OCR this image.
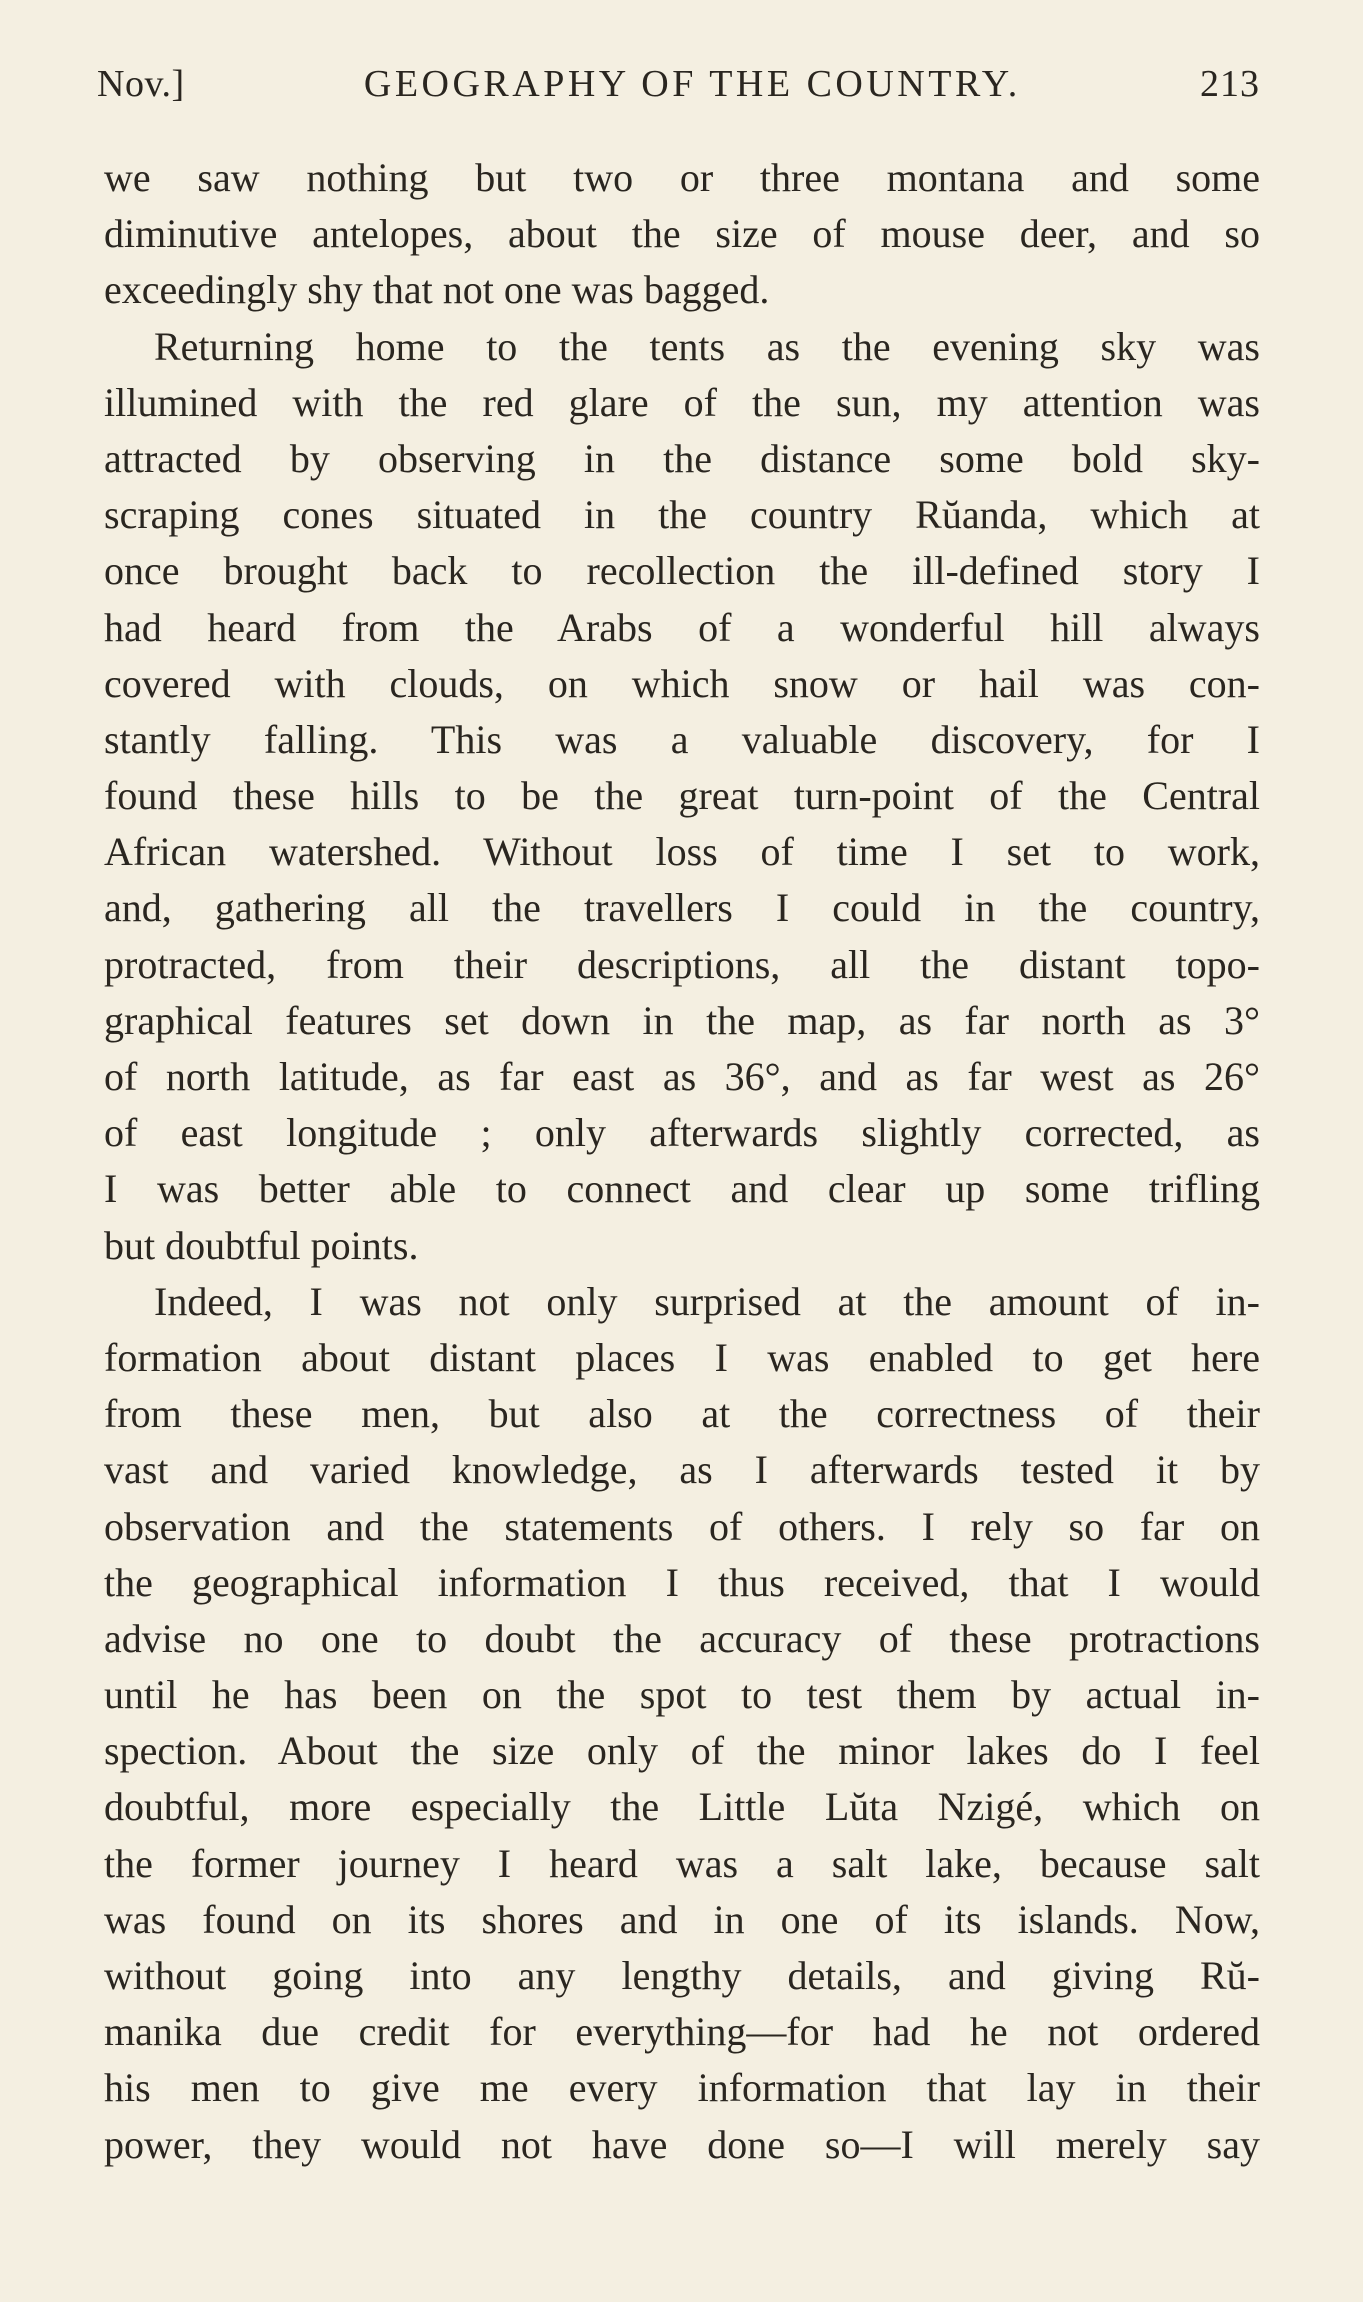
Nov.]	GEOGRAPHY OF THE COUNTRY.	213
we saw nothing but two or three montana and some
diminutive antelopes, about the size of mouse deer, and so
exceedingly shy that not one was bagged.
Returning home to the tents as the evening sky was
illumined with the red glare of the sun, my attention was
attracted by observing in the distance some bold sky-
scraping cones situated in the country Rŭanda, which at
once brought back to recollection the ill-defined story I
had heard from the Arabs of a wonderful hill always
covered with clouds, on which snow or hail was con-
stantly falling. This was a valuable discovery, for I
found these hills to be the great turn-point of the Central
African watershed. Without loss of time I set to work,
and, gathering all the travellers I could in the country,
protracted, from their descriptions, all the distant topo-
graphical features set down in the map, as far north as 3°
of north latitude, as far east as 36°, and as far west as 26°
of east longitude ; only afterwards slightly corrected, as
I was better able to connect and clear up some trifling
but doubtful points.
Indeed, I was not only surprised at the amount of in-
formation about distant places I was enabled to get here
from these men, but also at the correctness of their
vast and varied knowledge, as I afterwards tested it by
observation and the statements of others. I rely so far on
the geographical information I thus received, that I would
advise no one to doubt the accuracy of these protractions
until he has been on the spot to test them by actual in-
spection. About the size only of the minor lakes do I feel
doubtful, more especially the Little Lŭta Nzigé, which on
the former journey I heard was a salt lake, because salt
was found on its shores and in one of its islands. Now,
without going into any lengthy details, and giving Rŭ-
manika due credit for everything—for had he not ordered
his men to give me every information that lay in their
power, they would not have done so—I will merely say
